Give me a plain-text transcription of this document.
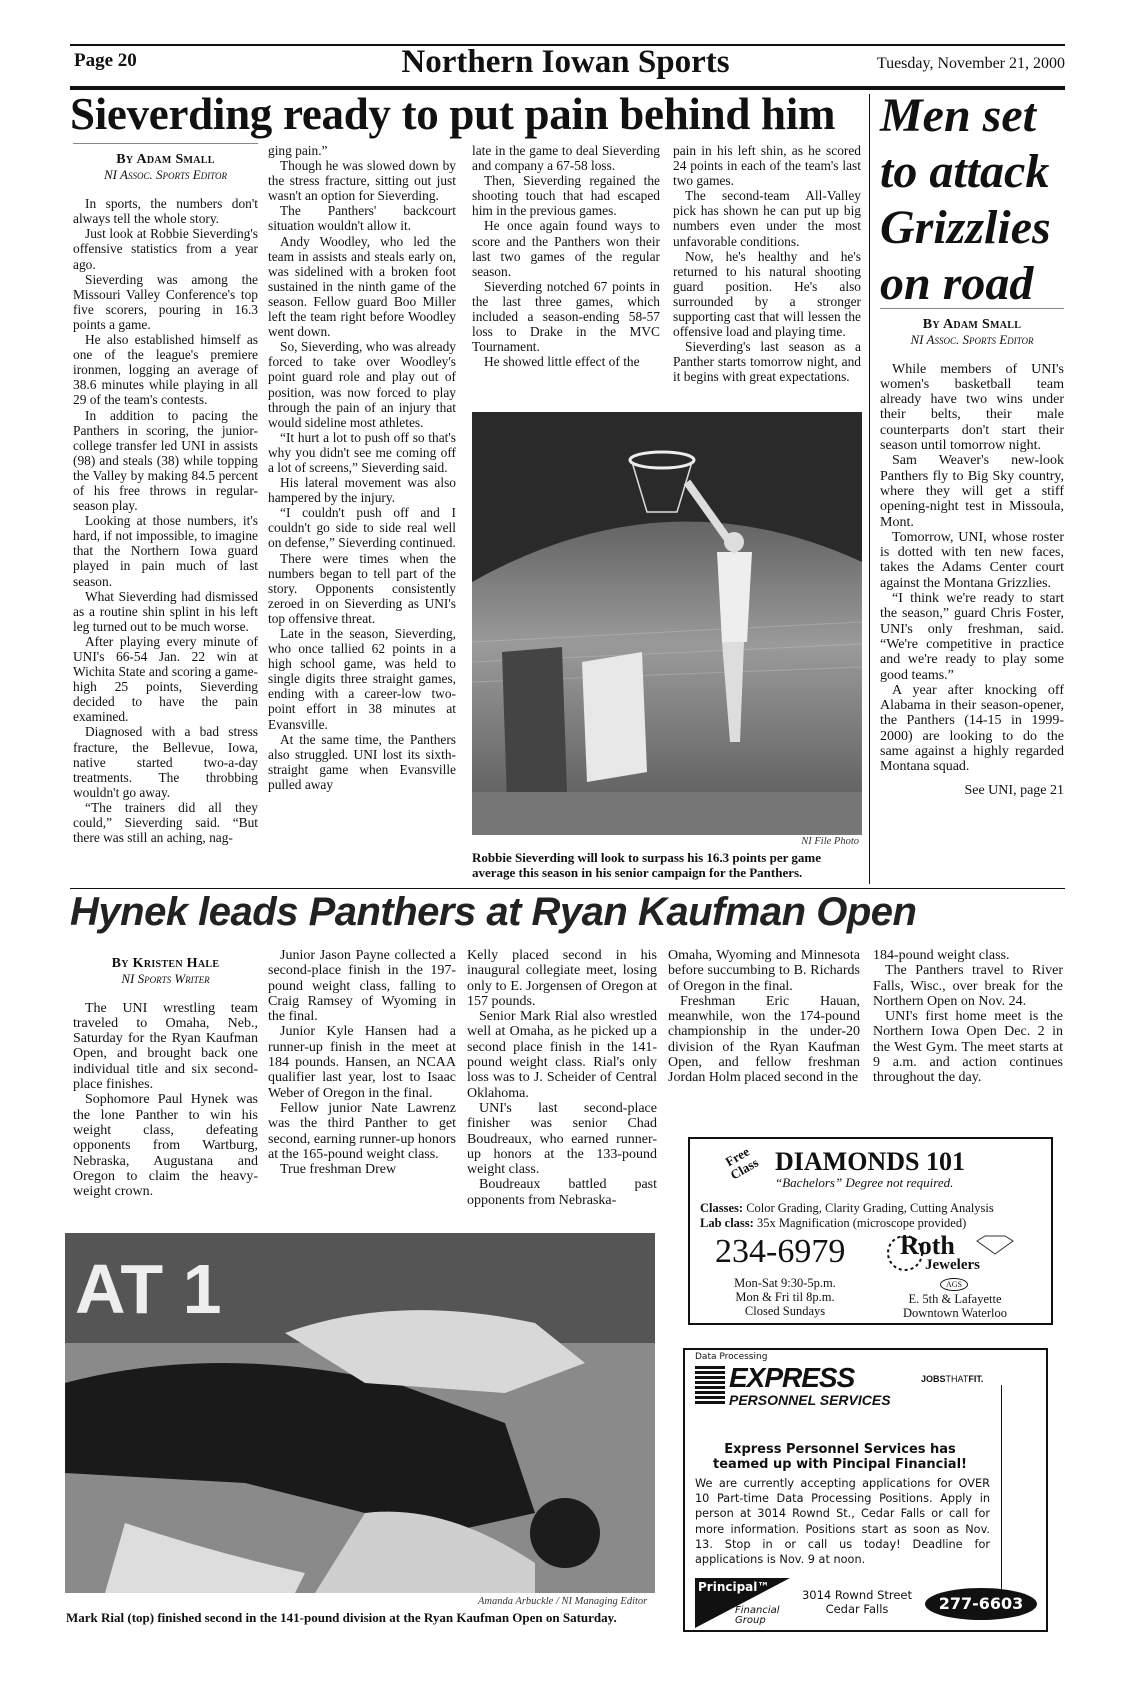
Page 20	Northern Iowan Sports	Tuesday, November 21, 2000
Sieverding ready to put pain behind him
By Adam Small
NI Assoc. Sports Editor

In sports, the numbers don't always tell the whole story.

Just look at Robbie Sieverding's offensive statistics from a year ago.

Sieverding was among the Missouri Valley Conference's top five scorers, pouring in 16.3 points a game.

He also established himself as one of the league's premiere ironmen, logging an average of 38.6 minutes while playing in all 29 of the team's contests.

In addition to pacing the Panthers in scoring, the junior-college transfer led UNI in assists (98) and steals (38) while topping the Valley by making 84.5 percent of his free throws in regular-season play.

Looking at those numbers, it's hard, if not impossible, to imagine that the Northern Iowa guard played in pain much of last season.

What Sieverding had dismissed as a routine shin splint in his left leg turned out to be much worse.

After playing every minute of UNI's 66-54 Jan. 22 win at Wichita State and scoring a game-high 25 points, Sieverding decided to have the pain examined.

Diagnosed with a bad stress fracture, the Bellevue, Iowa, native started two-a-day treatments. The throbbing wouldn't go away.

“The trainers did all they could,” Sieverding said. “But there was still an aching, nag-

ging pain.”

Though he was slowed down by the stress fracture, sitting out just wasn't an option for Sieverding.

The Panthers' backcourt situation wouldn't allow it.

Andy Woodley, who led the team in assists and steals early on, was sidelined with a broken foot sustained in the ninth game of the season. Fellow guard Boo Miller left the team right before Woodley went down.

So, Sieverding, who was already forced to take over Woodley's point guard role and play out of position, was now forced to play through the pain of an injury that would sideline most athletes.

“It hurt a lot to push off so that's why you didn't see me coming off a lot of screens,” Sieverding said.

His lateral movement was also hampered by the injury.

“I couldn't push off and I couldn't go side to side real well on defense,” Sieverding continued.

There were times when the numbers began to tell part of the story. Opponents consistently zeroed in on Sieverding as UNI's top offensive threat.

Late in the season, Sieverding, who once tallied 62 points in a high school game, was held to single digits three straight games, ending with a career-low two-point effort in 38 minutes at Evansville.

At the same time, the Panthers also struggled. UNI lost its sixth-straight game when Evansville pulled away

late in the game to deal Sieverding and company a 67-58 loss.

Then, Sieverding regained the shooting touch that had escaped him in the previous games.

He once again found ways to score and the Panthers won their last two games of the regular season.

Sieverding notched 67 points in the last three games, which included a season-ending 58-57 loss to Drake in the MVC Tournament.

He showed little effect of the

pain in his left shin, as he scored 24 points in each of the team's last two games.

The second-team All-Valley pick has shown he can put up big numbers even under the most unfavorable conditions.

Now, he's healthy and he's returned to his natural shooting guard position. He's also surrounded by a stronger supporting cast that will lessen the offensive load and playing time.

Sieverding's last season as a Panther starts tomorrow night, and it begins with great expectations.

NI File Photo
Robbie Sieverding will look to surpass his 16.3 points per game average this season in his senior campaign for the Panthers.
Men set to attack Grizzlies on road
By Adam Small
NI Assoc. Sports Editor

While members of UNI's women's basketball team already have two wins under their belts, their male counterparts don't start their season until tomorrow night.

Sam Weaver's new-look Panthers fly to Big Sky country, where they will get a stiff opening-night test in Missoula, Mont.

Tomorrow, UNI, whose roster is dotted with ten new faces, takes the Adams Center court against the Montana Grizzlies.

“I think we're ready to start the season,” guard Chris Foster, UNI's only freshman, said. “We're competitive in practice and we're ready to play some good teams.”

A year after knocking off Alabama in their season-opener, the Panthers (14-15 in 1999-2000) are looking to do the same against a highly regarded Montana squad.

See UNI, page 21
Hynek leads Panthers at Ryan Kaufman Open
By Kristen Hale
NI Sports Writer

The UNI wrestling team traveled to Omaha, Neb., Saturday for the Ryan Kaufman Open, and brought back one individual title and six second-place finishes.

Sophomore Paul Hynek was the lone Panther to win his weight class, defeating opponents from Wartburg, Nebraska, Augustana and Oregon to claim the heavy-weight crown.

Junior Jason Payne collected a second-place finish in the 197-pound weight class, falling to Craig Ramsey of Wyoming in the final.

Junior Kyle Hansen had a runner-up finish in the meet at 184 pounds. Hansen, an NCAA qualifier last year, lost to Isaac Weber of Oregon in the final.

Fellow junior Nate Lawrenz was the third Panther to get second, earning runner-up honors at the 165-pound weight class.

True freshman Drew

Kelly placed second in his inaugural collegiate meet, losing only to E. Jorgensen of Oregon at 157 pounds.

Senior Mark Rial also wrestled well at Omaha, as he picked up a second place finish in the 141-pound weight class. Rial's only loss was to J. Scheider of Central Oklahoma.

UNI's last second-place finisher was senior Chad Boudreaux, who earned runner-up honors at the 133-pound weight class.

Boudreaux battled past opponents from Nebraska-

Omaha, Wyoming and Minnesota before succumbing to B. Richards of Oregon in the final.

Freshman Eric Hauan, meanwhile, won the 174-pound championship in the under-20 division of the Ryan Kaufman Open, and fellow freshman Jordan Holm placed second in the

184-pound weight class.

The Panthers travel to River Falls, Wisc., over break for the Northern Open on Nov. 24.

UNI's first home meet is the Northern Iowa Open Dec. 2 in the West Gym. The meet starts at 9 a.m. and action continues throughout the day.

AT 1
Amanda Arbuckle / NI Managing Editor
Mark Rial (top) finished second in the 141-pound division at the Ryan Kaufman Open on Saturday.
Free Class DIAMONDS 101
“Bachelors” Degree not required.
Classes: Color Grading, Clarity Grading, Cutting Analysis
Lab class: 35x Magnification (microscope provided)
234-6979
Mon-Sat 9:30-5p.m.
Mon & Fri til 8p.m.
Closed Sundays
Roth
Jewelers
AGS
E. 5th & Lafayette
Downtown Waterloo
Data Processing
EXPRESS
PERSONNEL SERVICES
JOBSTHATFIT.
Express Personnel Services has teamed up with Pincipal Financial!
We are currently accepting applications for OVER 10 Part-time Data Processing Positions. Apply in person at 3014 Rownd St., Cedar Falls or call for more information. Positions start as soon as Nov. 13. Stop in or call us today! Deadline for applications is Nov. 9 at noon.
Principal™
Financial Group
3014 Rownd Street
Cedar Falls	277-6603
